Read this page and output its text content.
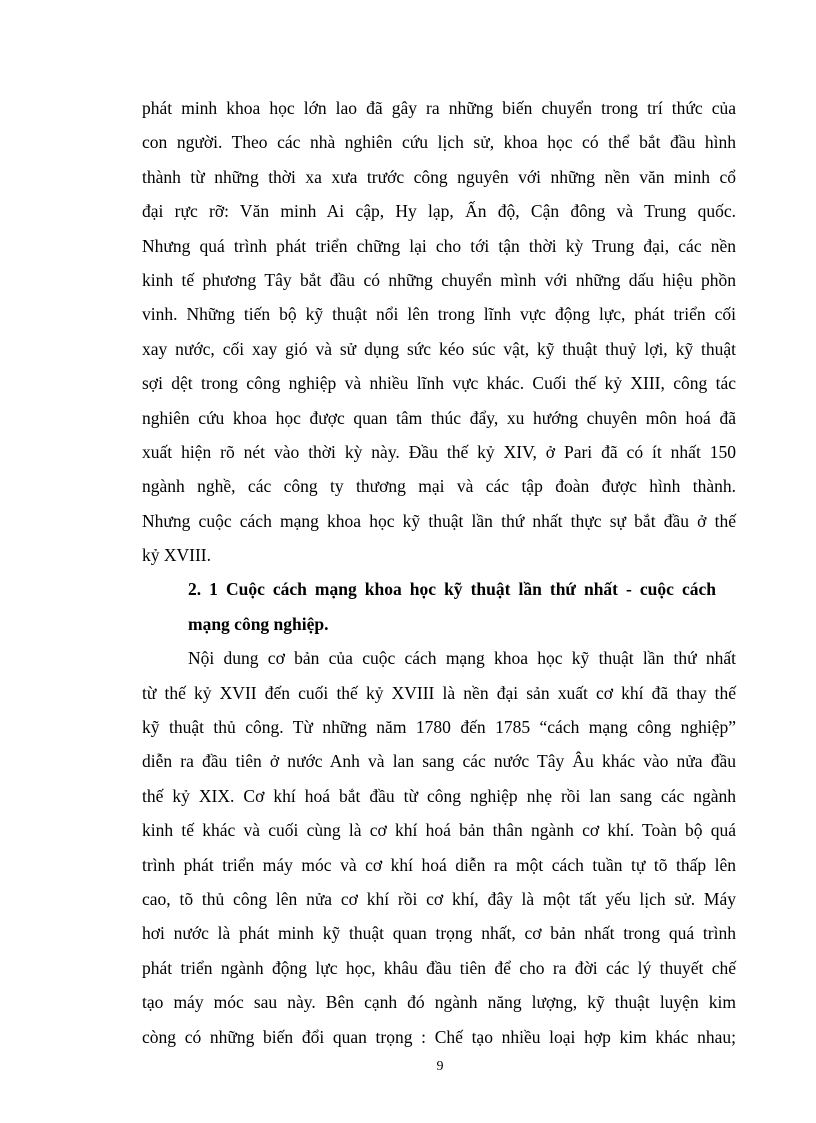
phát minh khoa học lớn lao đã gây ra những biến chuyển trong trí thức của
con người. Theo các nhà nghiên cứu lịch sử, khoa học có thể bắt đầu hình
thành từ những thời xa xưa trước công nguyên với những nền văn minh cổ
đại rực rỡ: Văn minh Ai cập, Hy lạp, Ấn độ, Cận đông và Trung quốc.
Nhưng quá trình phát triển chững lại cho tới tận thời kỳ Trung đại, các nền
kinh tế phương Tây bắt đầu có những chuyển mình với những dấu hiệu phồn
vinh. Những tiến bộ kỹ thuật nổi lên trong lĩnh vực động lực, phát triển cối
xay nước, cối xay gió và sử dụng sức kéo súc vật, kỹ thuật thuỷ lợi, kỹ thuật
sợi dệt trong công nghiệp và nhiều lĩnh vực khác. Cuối thế kỷ XIII, công tác
nghiên cứu khoa học được quan tâm thúc đẩy, xu hướng chuyên môn hoá đã
xuất hiện rõ nét vào thời kỳ này. Đầu thế kỷ XIV, ở Pari đã có ít nhất 150
ngành nghề, các công ty thương mại và các tập đoàn được hình thành.
Nhưng cuộc cách mạng khoa học kỹ thuật lần thứ nhất thực sự bắt đầu ở thế
kỷ XVIII.
2. 1 Cuộc cách mạng khoa học kỹ thuật lần thứ nhất - cuộc cách
mạng công nghiệp.
Nội dung cơ bản của cuộc cách mạng khoa học kỹ thuật lần thứ nhất
từ thế kỷ XVII đến cuối thế kỷ XVIII là nền đại sản xuất cơ khí đã thay thế
kỹ thuật thủ công. Từ những năm 1780 đến 1785 “cách mạng công nghiệp”
diễn ra đầu tiên ở nước Anh và lan sang các nước Tây Âu khác vào nửa đầu
thế kỷ XIX. Cơ khí hoá bắt đầu từ công nghiệp nhẹ rồi lan sang các ngành
kinh tế khác và cuối cùng là cơ khí hoá bản thân ngành cơ khí. Toàn bộ quá
trình phát triển máy móc và cơ khí hoá diễn ra một cách tuần tự tõ thấp lên
cao, tõ thủ công lên nửa cơ khí rồi cơ khí, đây là một tất yếu lịch sử. Máy
hơi nước là phát minh kỹ thuật quan trọng nhất, cơ bản nhất trong quá trình
phát triển ngành động lực học, khâu đầu tiên để cho ra đời các lý thuyết chế
tạo máy móc sau này. Bên cạnh đó ngành năng lượng, kỹ thuật luyện kim
còng có những biến đổi quan trọng : Chế tạo nhiều loại hợp kim khác nhau;
9
